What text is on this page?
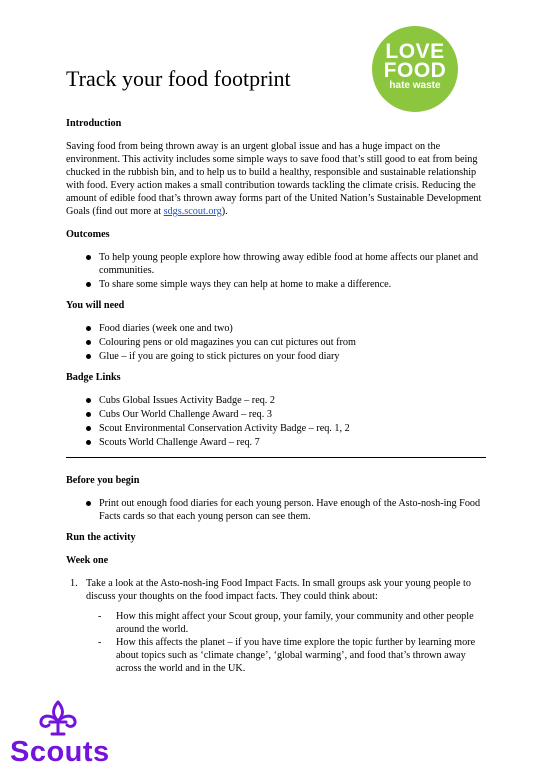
LOVE
FOOD
hate waste
Track your food footprint
Introduction
Saving food from being thrown away is an urgent global issue and has a huge impact on the environment. This activity includes some simple ways to save food that’s still good to eat from being chucked in the rubbish bin, and to help us to build a healthy, responsible and sustainable relationship with food. Every action makes a small contribution towards tackling the climate crisis. Reducing the amount of edible food that’s thrown away forms part of the United Nation’s Sustainable Development Goals (find out more at sdgs.scout.org).
Outcomes
To help young people explore how throwing away edible food at home affects our planet and communities.
To share some simple ways they can help at home to make a difference.
You will need
Food diaries (week one and two)
Colouring pens or old magazines you can cut pictures out from
Glue – if you are going to stick pictures on your food diary
Badge Links
Cubs Global Issues Activity Badge – req. 2
Cubs Our World Challenge Award – req. 3
Scout Environmental Conservation Activity Badge – req. 1, 2
Scouts World Challenge Award – req. 7
Before you begin
Print out enough food diaries for each young person. Have enough of the Asto-nosh-ing Food Facts cards so that each young person can see them.
Run the activity
Week one
1. Take a look at the Asto-nosh-ing Food Impact Facts. In small groups ask your young people to discuss your thoughts on the food impact facts. They could think about:
- How this might affect your Scout group, your family, your community and other people around the world.
- How this affects the planet – if you have time explore the topic further by learning more about topics such as ‘climate change’, ‘global warming’, and food that’s thrown away across the world and in the UK.
Scouts
